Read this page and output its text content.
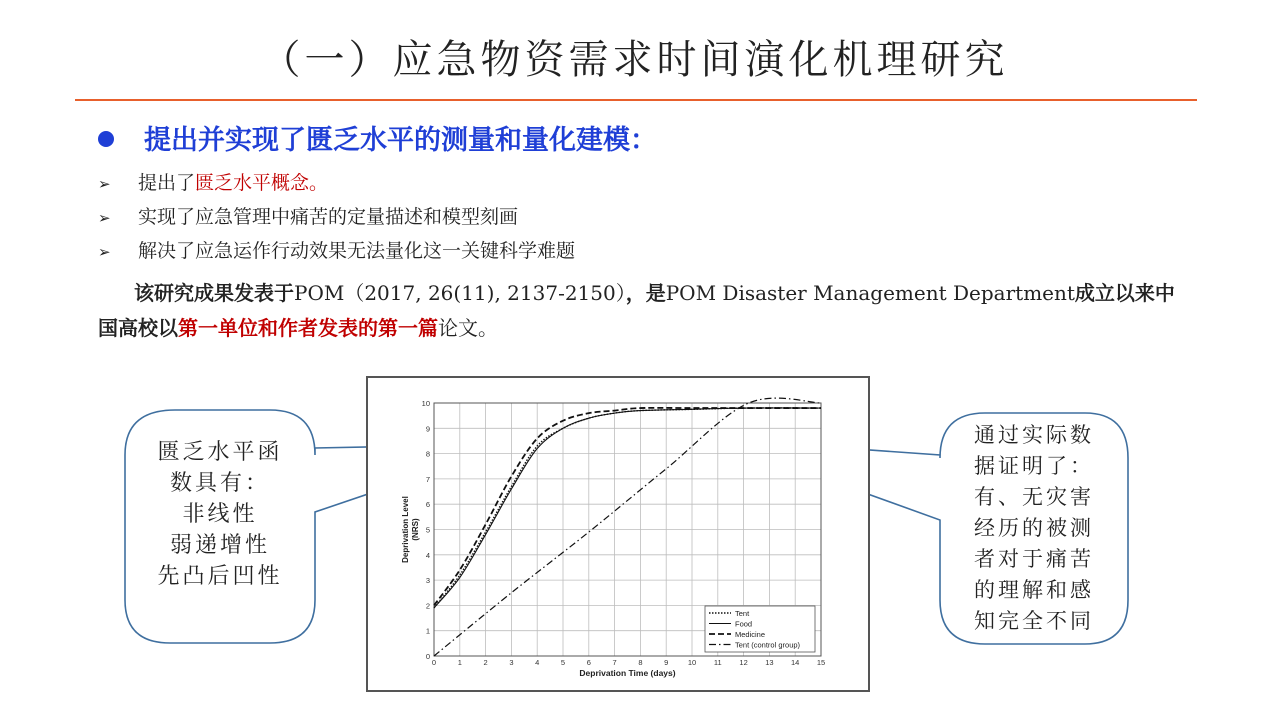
（一）应急物资需求时间演化机理研究
提出并实现了匮乏水平的测量和量化建模：
➢ 提出了匮乏水平概念。
➢ 实现了应急管理中痛苦的定量描述和模型刻画
➢ 解决了应急运作行动效果无法量化这一关键科学难题
该研究成果发表于POM（2017, 26(11), 2137-2150），是POM Disaster Management Department成立以来中国高校以第一单位和作者发表的第一篇论文。
匮乏水平函
数具有：
非线性
弱递增性
先凸后凹性
通过实际数
据证明了：
有、无灾害
经历的被测
者对于痛苦
的理解和感
知完全不同
0	1	2	3	4	5	6	7	8	9	10 11 12 13 14 15
0
1
2
3
4
5
6
7
8
9
10
Deprivation Time (days)
Deprivation Level (NRS)
Tent
Food
Medicine
Tent (control group)
